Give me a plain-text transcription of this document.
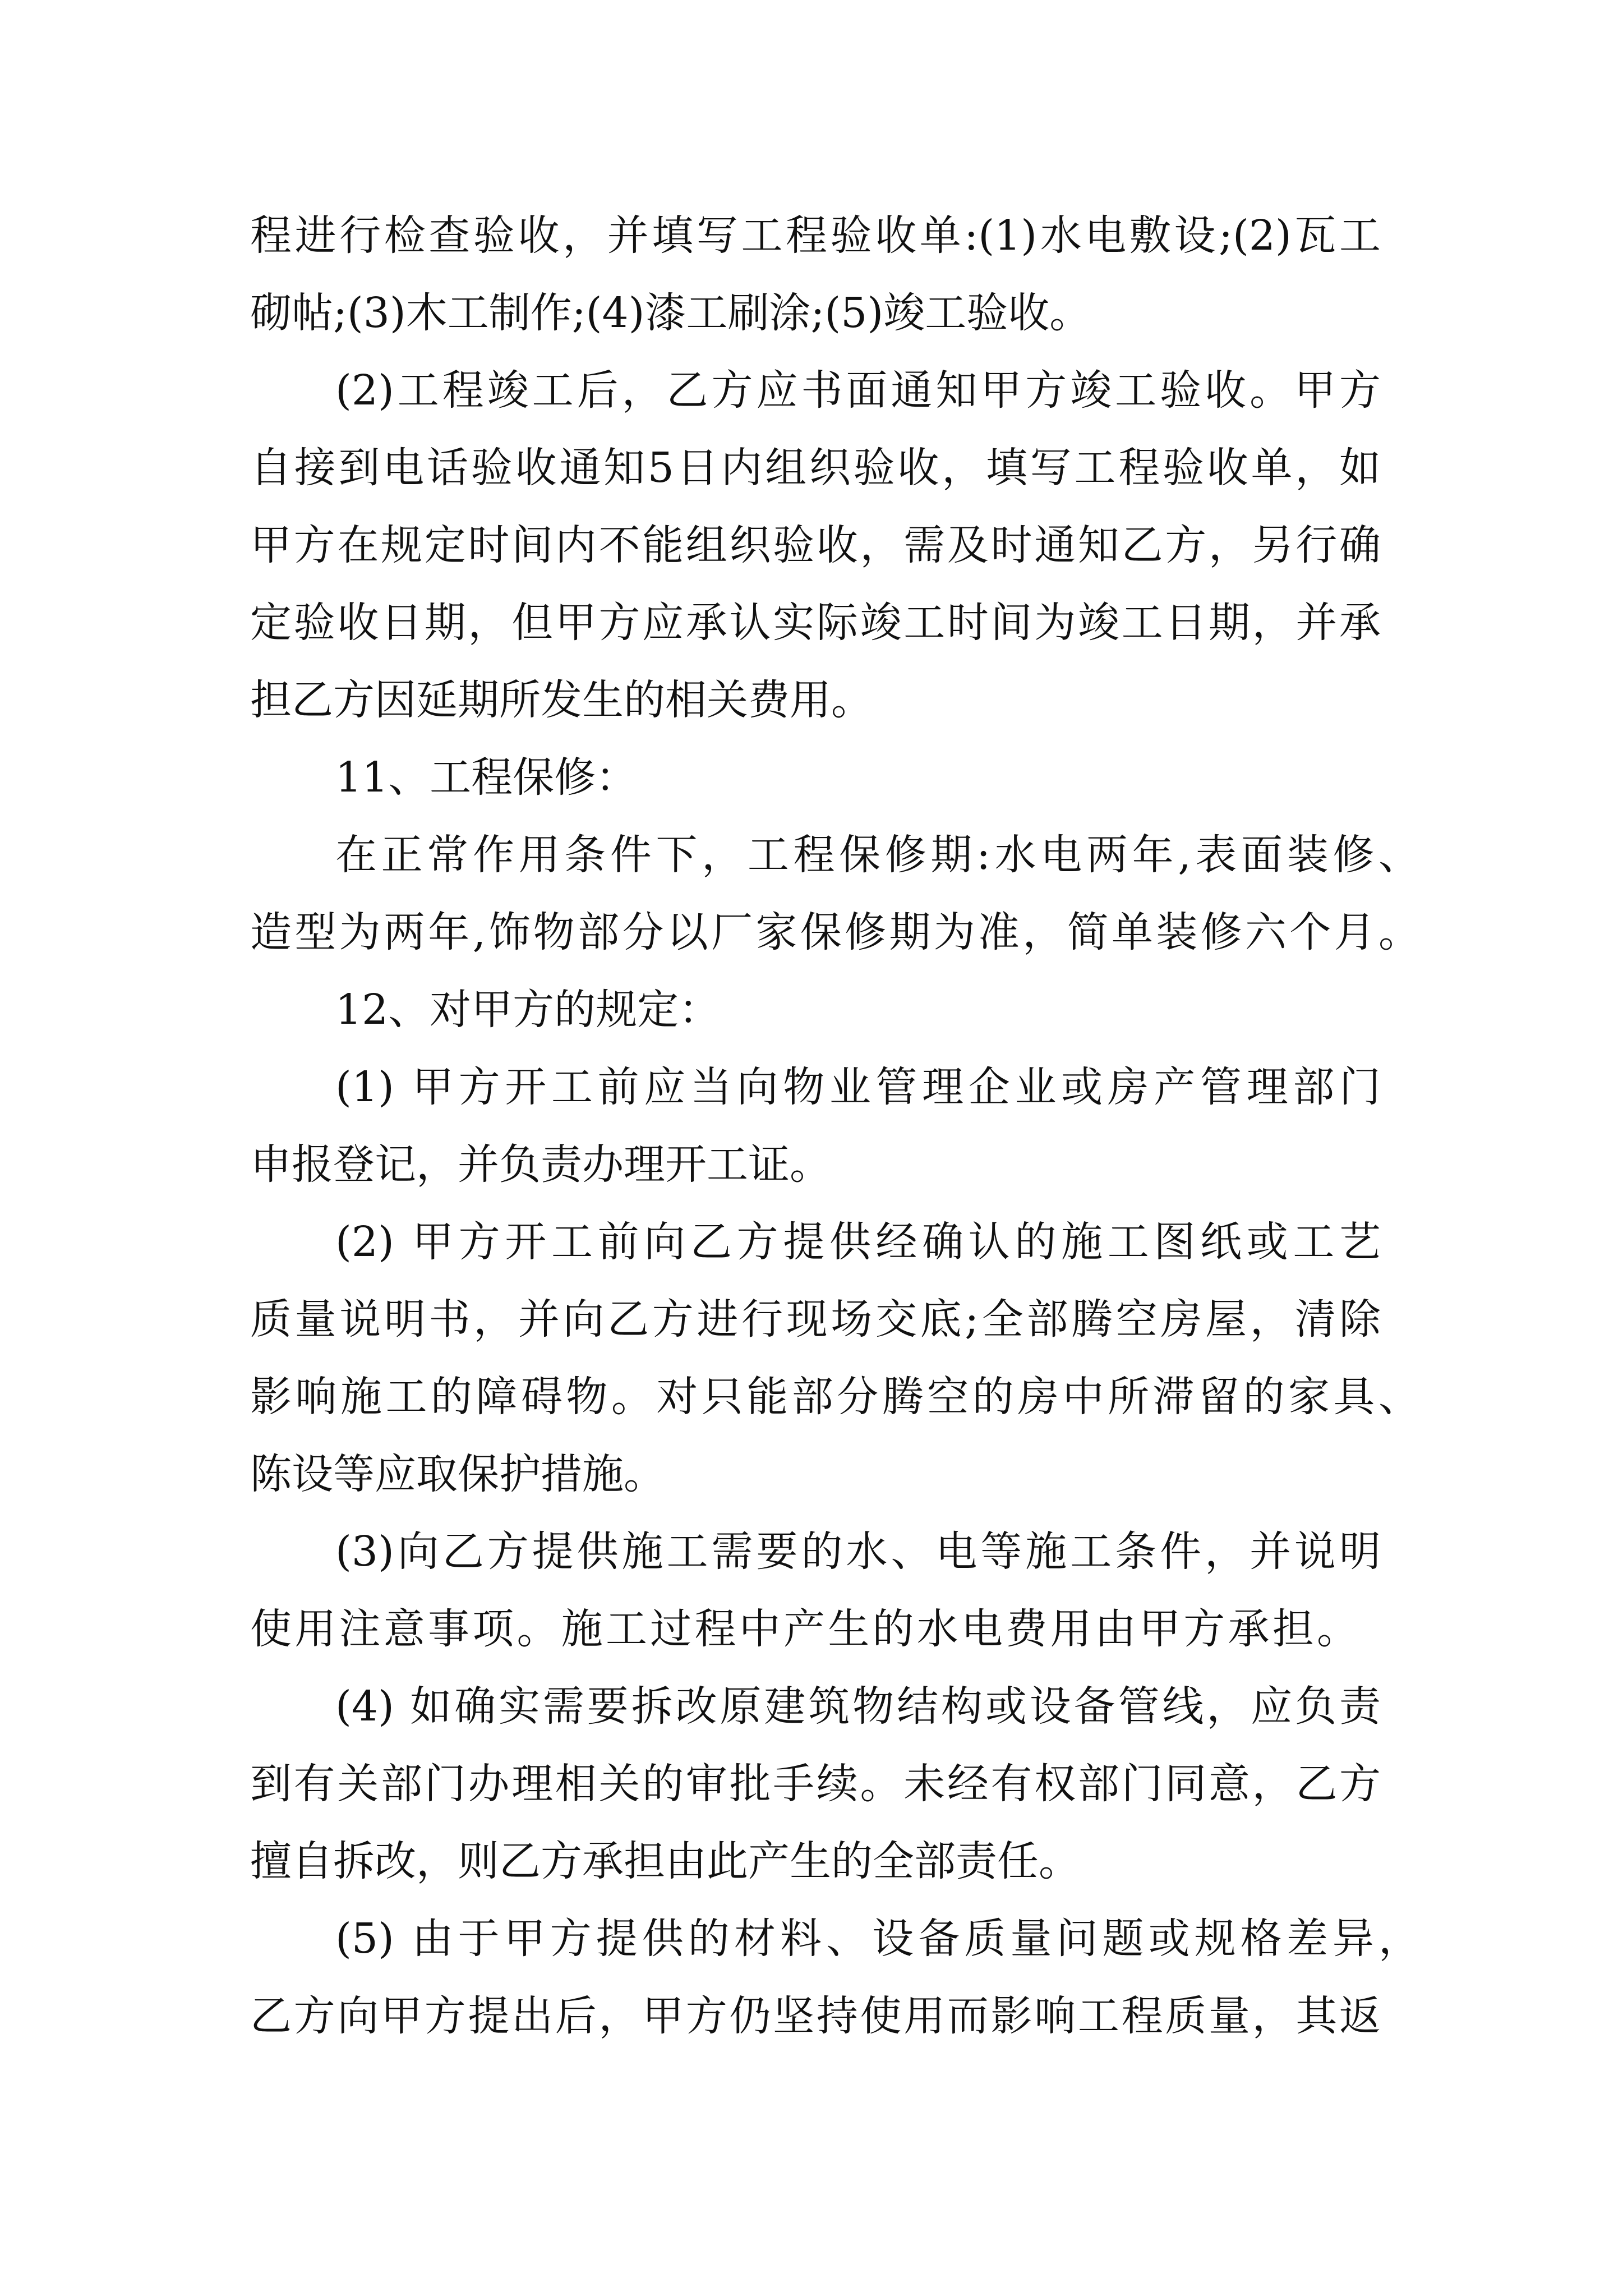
程进行检查验收，并填写工程验收单:(1)水电敷设;(2)瓦工
砌帖;(3)木工制作;(4)漆工刷涂;(5)竣工验收。
(2)工程竣工后，乙方应书面通知甲方竣工验收。甲方
自接到电话验收通知5日内组织验收，填写工程验收单，如
甲方在规定时间内不能组织验收，需及时通知乙方，另行确
定验收日期，但甲方应承认实际竣工时间为竣工日期，并承
担乙方因延期所发生的相关费用。
11、工程保修：
在正常作用条件下，工程保修期:水电两年,表面装修、
造型为两年,饰物部分以厂家保修期为准，简单装修六个月。
12、对甲方的规定：
(1) 甲方开工前应当向物业管理企业或房产管理部门
申报登记，并负责办理开工证。
(2) 甲方开工前向乙方提供经确认的施工图纸或工艺
质量说明书，并向乙方进行现场交底;全部腾空房屋，清除
影响施工的障碍物。对只能部分腾空的房中所滞留的家具、
陈设等应取保护措施。
(3)向乙方提供施工需要的水、电等施工条件，并说明
使用注意事项。施工过程中产生的水电费用由甲方承担。
(4) 如确实需要拆改原建筑物结构或设备管线，应负责
到有关部门办理相关的审批手续。未经有权部门同意，乙方
擅自拆改，则乙方承担由此产生的全部责任。
(5) 由于甲方提供的材料、设备质量问题或规格差异，
乙方向甲方提出后，甲方仍坚持使用而影响工程质量，其返
